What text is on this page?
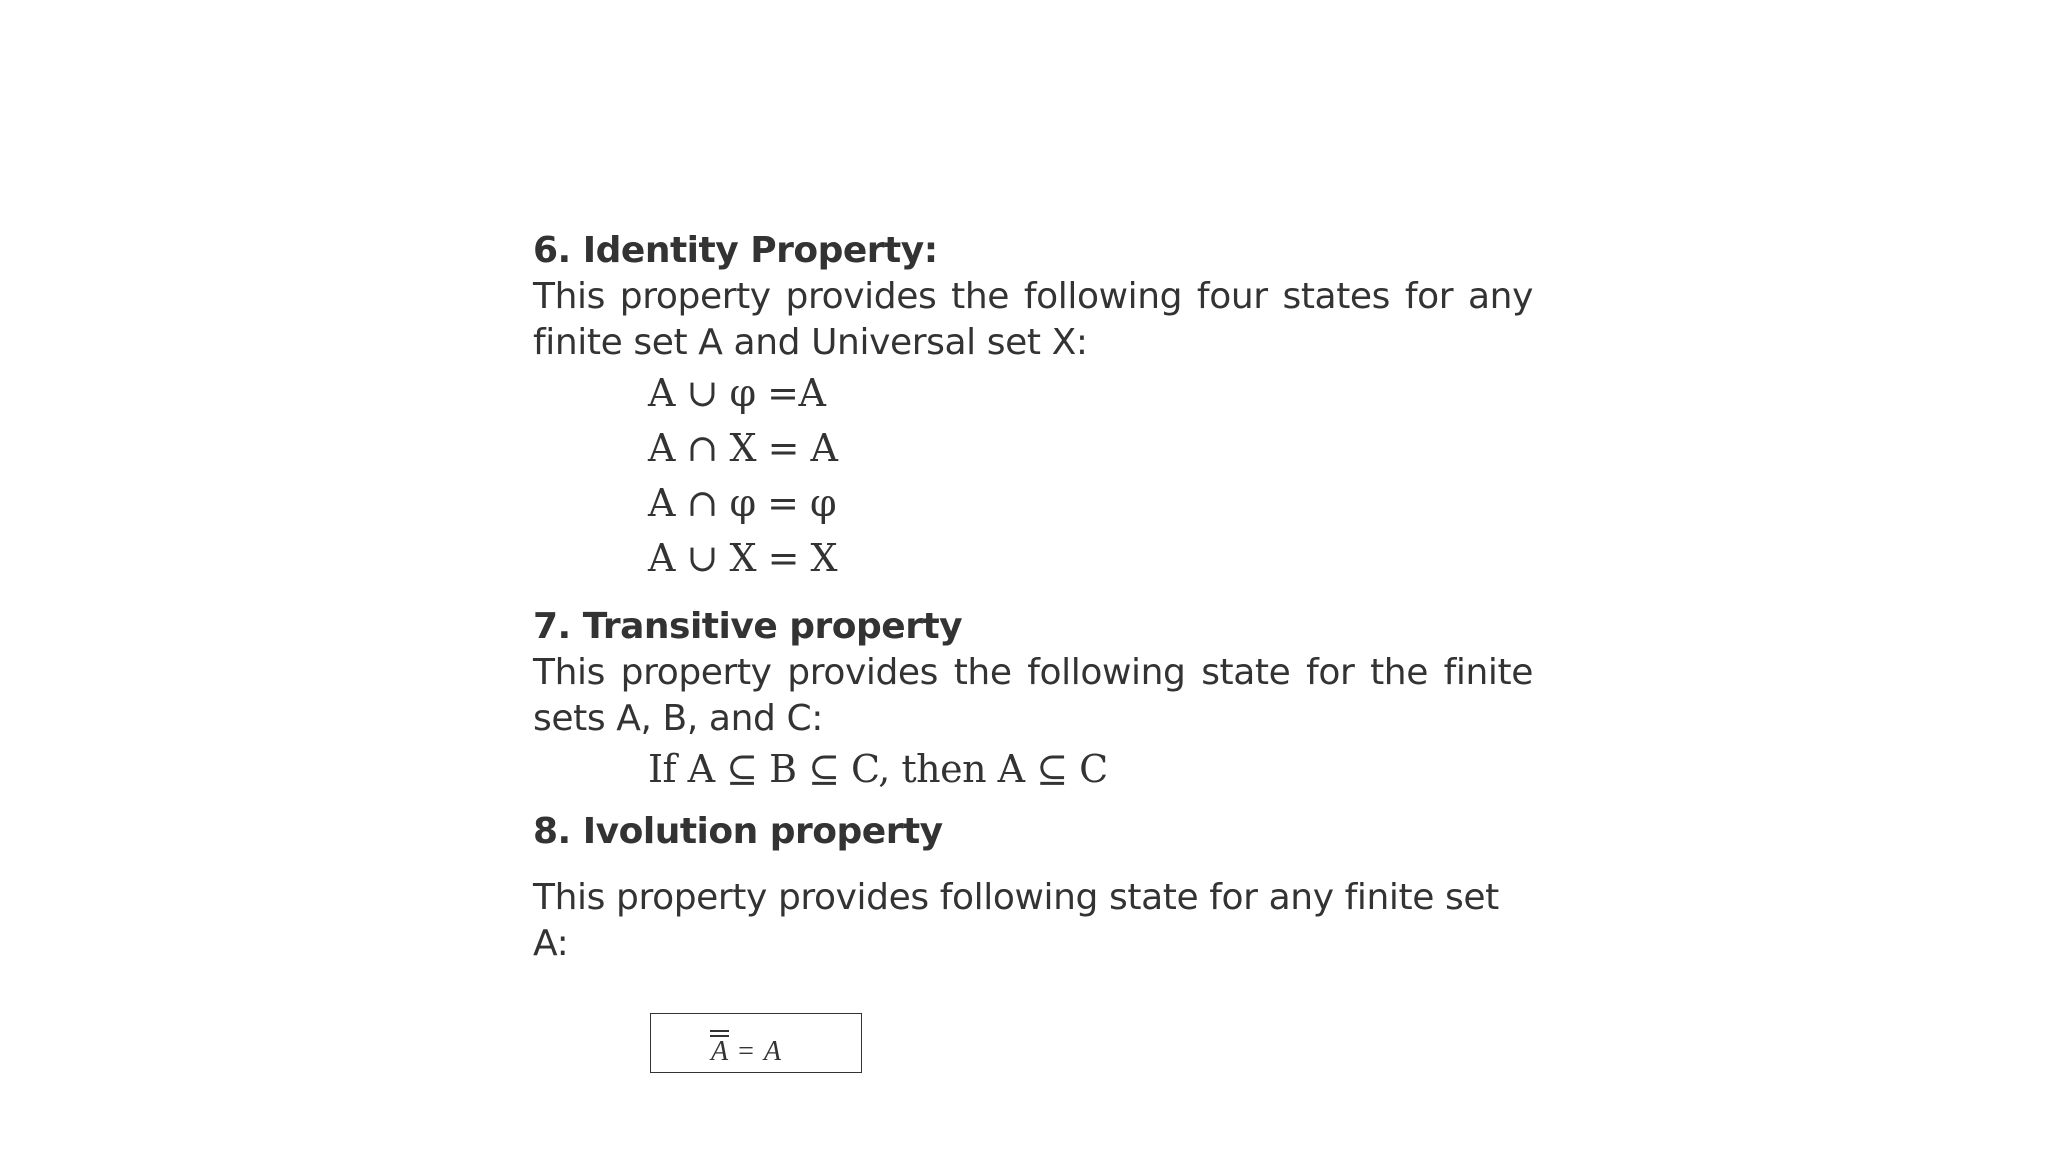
6. Identity Property:

This property provides the following four states for any finite set A and Universal set X:

A ∪ φ =A
A ∩ X = A
A ∩ φ = φ
A ∪ X = X
7. Transitive property

This property provides the following state for the finite sets A, B, and C:

If A ⊆ B ⊆ C, then A ⊆ C
8. Ivolution property

This property provides following state for any finite set A:

A = A
